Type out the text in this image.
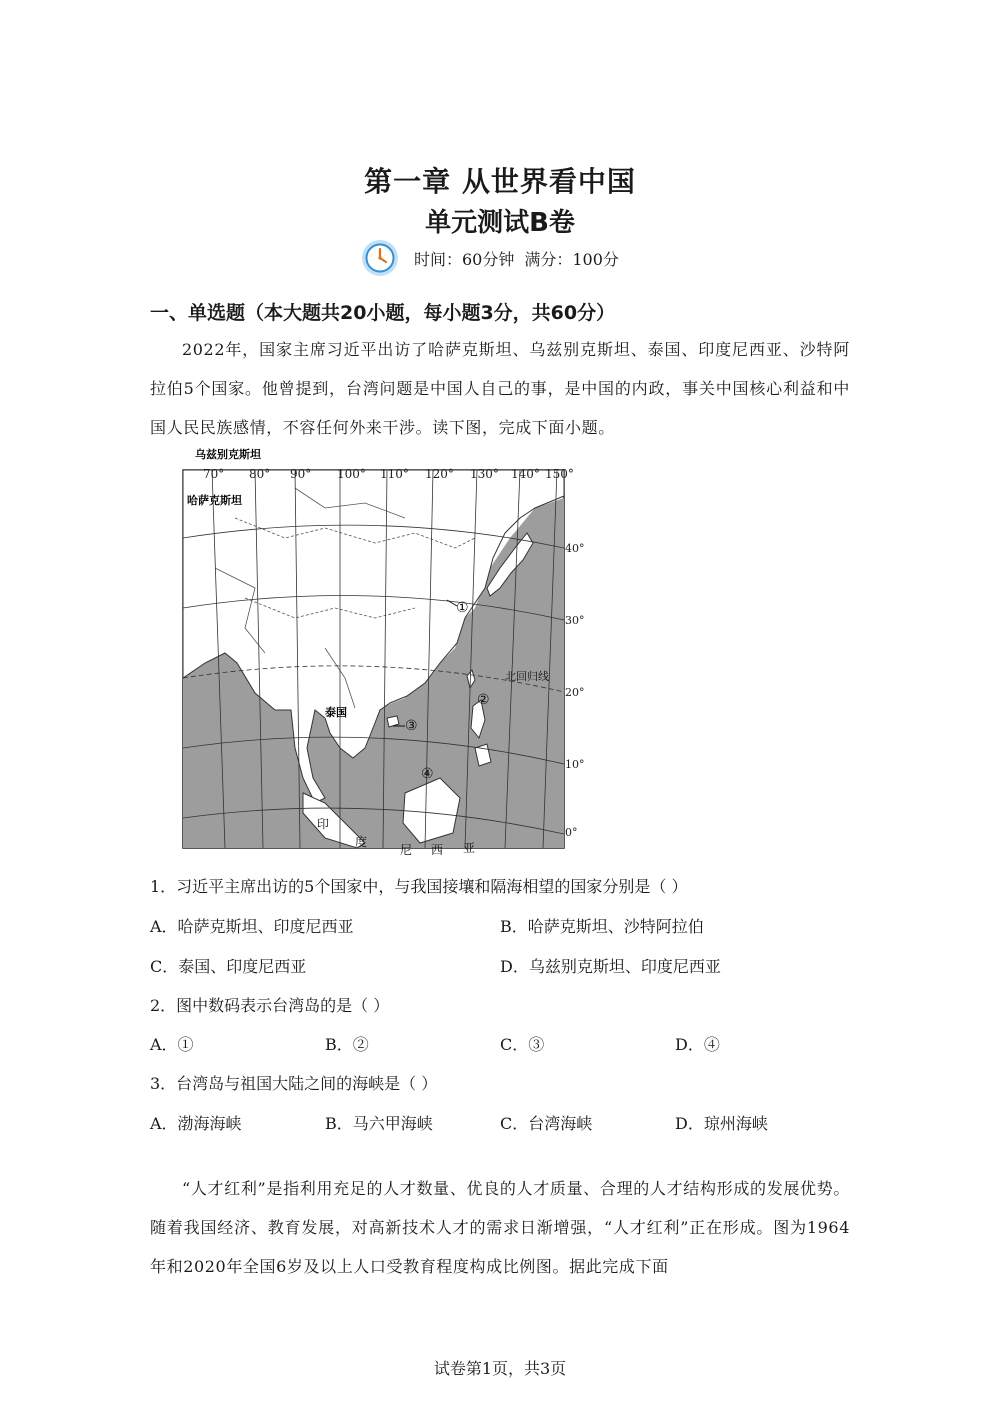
第一章 从世界看中国
单元测试B卷
时间：60分钟 满分：100分
一、单选题（本大题共20小题，每小题3分，共60分）
2022年，国家主席习近平出访了哈萨克斯坦、乌兹别克斯坦、泰国、印度尼西亚、沙特阿拉伯5个国家。他曾提到，台湾问题是中国人自己的事，是中国的内政，事关中国核心利益和中国人民民族感情，不容任何外来干涉。读下图，完成下面小题。
乌兹别克斯坦
70° 80° 90° 100° 110° 120° 130° 140° 150°
哈萨克斯坦
40°
30°
20°
10°
0°
北回归线
泰国
①
②
③
④
印
度
尼 西 亚
1．习近平主席出访的5个国家中，与我国接壤和隔海相望的国家分别是（ ）
A．哈萨克斯坦、印度尼西亚	B．哈萨克斯坦、沙特阿拉伯
C．泰国、印度尼西亚	D．乌兹别克斯坦、印度尼西亚
2．图中数码表示台湾岛的是（ ）
A．①	B．②	C．③	D．④
3．台湾岛与祖国大陆之间的海峡是（ ）
A．渤海海峡	B．马六甲海峡	C．台湾海峡	D．琼州海峡
“人才红利”是指利用充足的人才数量、优良的人才质量、合理的人才结构形成的发展优势。随着我国经济、教育发展，对高新技术人才的需求日渐增强，“人才红利”正在形成。图为1964年和2020年全国6岁及以上人口受教育程度构成比例图。据此完成下面
试卷第1页，共3页
